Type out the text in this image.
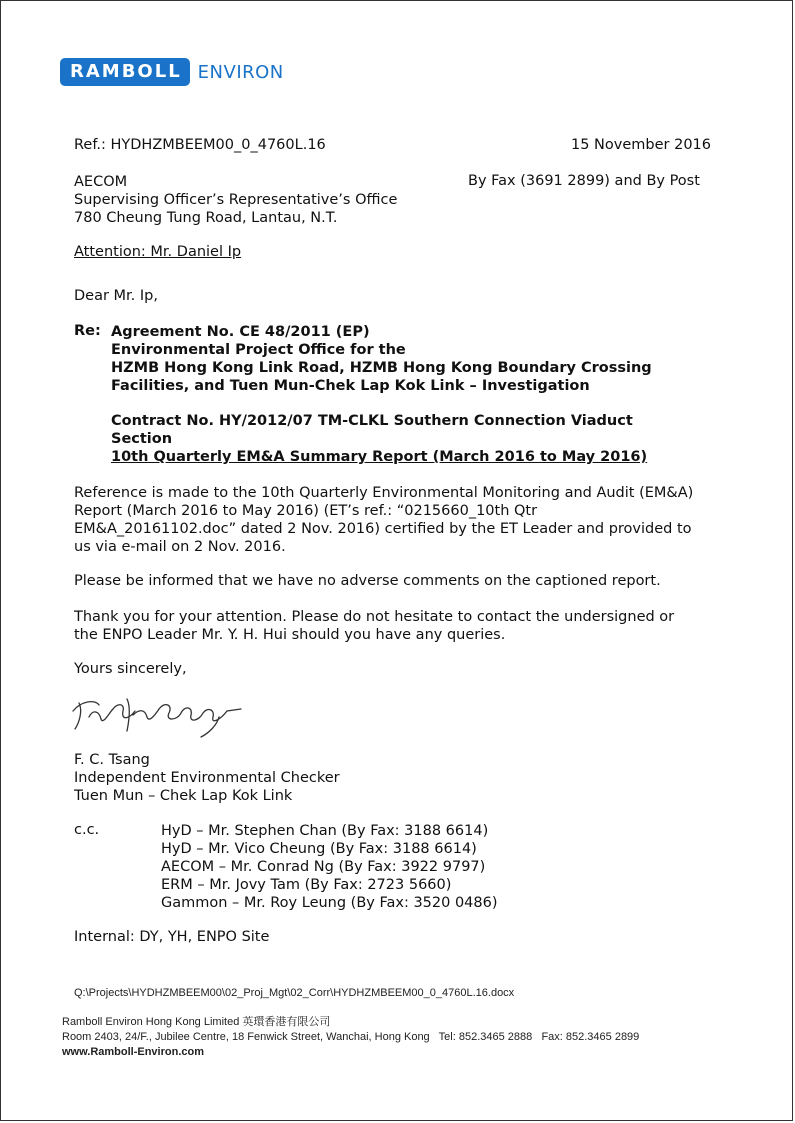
RAMBOLL ENVIRON
Ref.: HYDHZMBEEM00_0_4760L.16	15 November 2016
AECOM
Supervising Officer’s Representative’s Office
780 Cheung Tung Road, Lantau, N.T.
By Fax (3691 2899) and By Post
Attention: Mr. Daniel Ip
Dear Mr. Ip,
Re: Agreement No. CE 48/2011 (EP)
Environmental Project Office for the
HZMB Hong Kong Link Road, HZMB Hong Kong Boundary Crossing
Facilities, and Tuen Mun-Chek Lap Kok Link – Investigation
Contract No. HY/2012/07 TM-CLKL Southern Connection Viaduct
Section
10th Quarterly EM&A Summary Report (March 2016 to May 2016)
Reference is made to the 10th Quarterly Environmental Monitoring and Audit (EM&A)
Report (March 2016 to May 2016) (ET’s ref.: “0215660_10th Qtr
EM&A_20161102.doc” dated 2 Nov. 2016) certified by the ET Leader and provided to
us via e-mail on 2 Nov. 2016.
Please be informed that we have no adverse comments on the captioned report.
Thank you for your attention. Please do not hesitate to contact the undersigned or
the ENPO Leader Mr. Y. H. Hui should you have any queries.
Yours sincerely,
F. C. Tsang
Independent Environmental Checker
Tuen Mun – Chek Lap Kok Link
c.c.	HyD – Mr. Stephen Chan (By Fax: 3188 6614)
HyD – Mr. Vico Cheung (By Fax: 3188 6614)
AECOM – Mr. Conrad Ng (By Fax: 3922 9797)
ERM – Mr. Jovy Tam (By Fax: 2723 5660)
Gammon – Mr. Roy Leung (By Fax: 3520 0486)
Internal: DY, YH, ENPO Site
Q:\Projects\HYDHZMBEEM00\02_Proj_Mgt\02_Corr\HYDHZMBEEM00_0_4760L.16.docx
Ramboll Environ Hong Kong Limited 英環香港有限公司
Room 2403, 24/F., Jubilee Centre, 18 Fenwick Street, Wanchai, Hong Kong Tel: 852.3465 2888 Fax: 852.3465 2899
www.Ramboll-Environ.com
